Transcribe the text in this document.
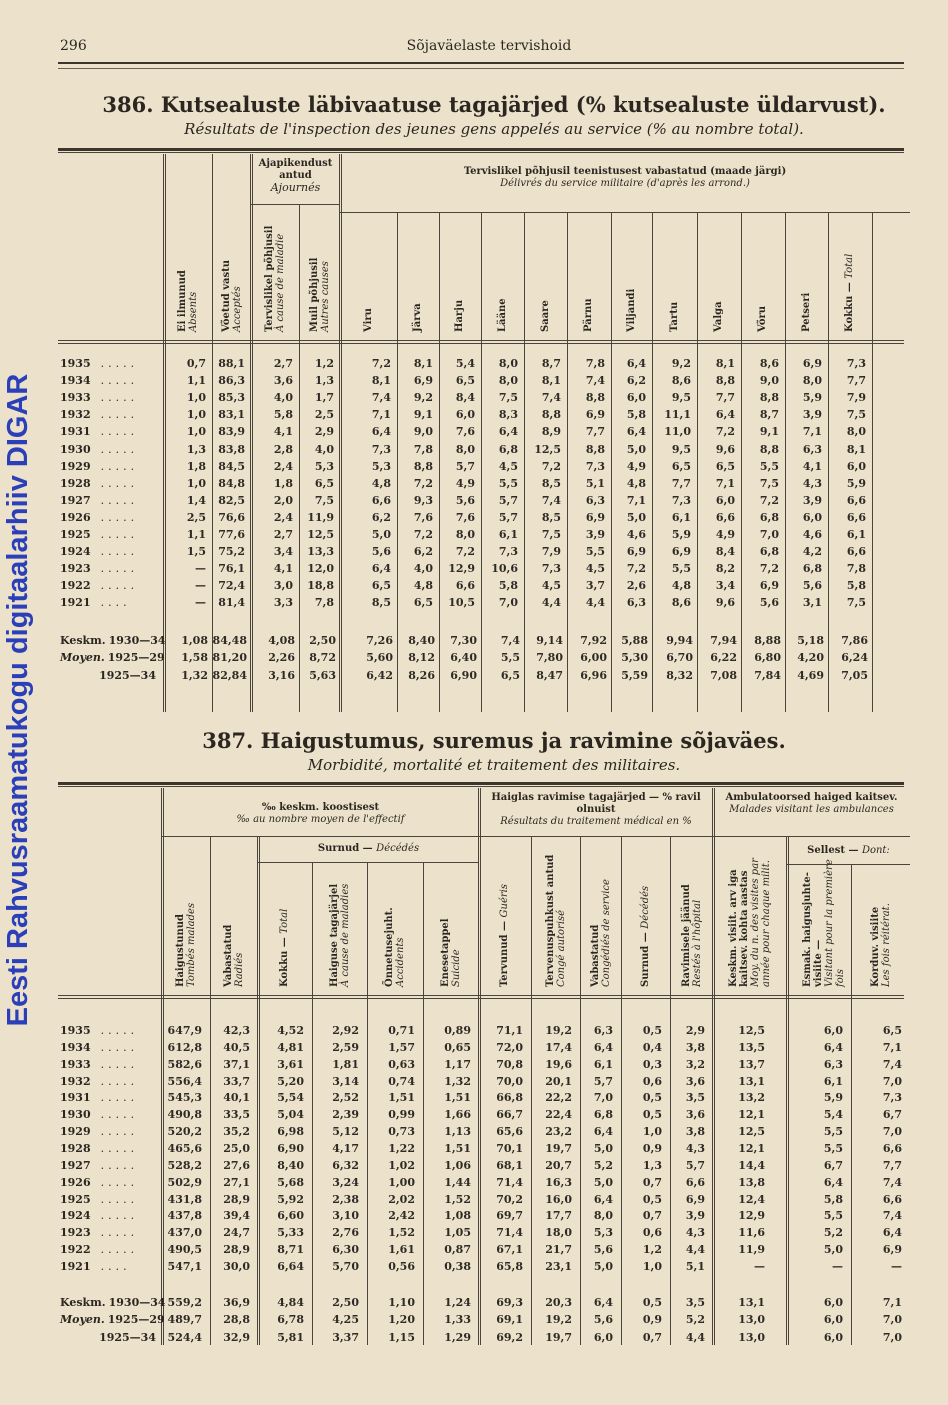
Eesti Rahvusraamatukogu digitaalarhiiv DIGAR
296	Sõjaväelaste tervishoid
386. Kutsealuste läbivaatuse tagajärjed (% kutsealuste üldarvust).
Résultats de l'inspection des jeunes gens appelés au service (% au nombre total).
Ajapikendust antud
Ajournés
Tervislikel põhjusil teenistusest vabastatud (maade järgi)
Délivrés du service militaire (d'après les arrond.)
Ei ilmunud Absents Võetud vastu Acceptés Tervislikel põhjusil À cause de maladie Muil põhjusil Autres causes	Viru	Järva	Harju	Lääne	Saare	Pärnu	Viljandi	Tartu	Valga	Võru	Petseri	Kokku — Total
1935 .....	0,7	88,1	2,7	1,2	7,2	8,1	5,4	8,0	8,7	7,8	6,4	9,2	8,1	8,6	6,9	7,3
1934 .....	1,1	86,3	3,6	1,3	8,1	6,9	6,5	8,0	8,1	7,4	6,2	8,6	8,8	9,0	8,0	7,7
1933 .....	1,0	85,3	4,0	1,7	7,4	9,2	8,4	7,5	7,4	8,8	6,0	9,5	7,7	8,8	5,9	7,9
1932 .....	1,0	83,1	5,8	2,5	7,1	9,1	6,0	8,3	8,8	6,9	5,8	11,1	6,4	8,7	3,9	7,5
1931 .....	1,0	83,9	4,1	2,9	6,4	9,0	7,6	6,4	8,9	7,7	6,4	11,0	7,2	9,1	7,1	8,0
1930 .....	1,3	83,8	2,8	4,0	7,3	7,8	8,0	6,8	12,5	8,8	5,0	9,5	9,6	8,8	6,3	8,1
1929 .....	1,8	84,5	2,4	5,3	5,3	8,8	5,7	4,5	7,2	7,3	4,9	6,5	6,5	5,5	4,1	6,0
1928 .....	1,0	84,8	1,8	6,5	4,8	7,2	4,9	5,5	8,5	5,1	4,8	7,7	7,1	7,5	4,3	5,9
1927 .....	1,4	82,5	2,0	7,5	6,6	9,3	5,6	5,7	7,4	6,3	7,1	7,3	6,0	7,2	3,9	6,6
1926 .....	2,5	76,6	2,4	11,9	6,2	7,6	7,6	5,7	8,5	6,9	5,0	6,1	6,6	6,8	6,0	6,6
1925 .....	1,1	77,6	2,7	12,5	5,0	7,2	8,0	6,1	7,5	3,9	4,6	5,9	4,9	7,0	4,6	6,1
1924 .....	1,5	75,2	3,4	13,3	5,6	6,2	7,2	7,3	7,9	5,5	6,9	6,9	8,4	6,8	4,2	6,6
1923 .....	—	76,1	4,1	12,0	6,4	4,0	12,9	10,6	7,3	4,5	7,2	5,5	8,2	7,2	6,8	7,8
1922 .....	—	72,4	3,0	18,8	6,5	4,8	6,6	5,8	4,5	3,7	2,6	4,8	3,4	6,9	5,6	5,8
1921 ....	—	81,4	3,3	7,8	8,5	6,5	10,5	7,0	4,4	4,4	6,3	8,6	9,6	5,6	3,1	7,5
Keskm. 1930—34	1,08 84,48	4,08	2,50	7,26	8,40	7,30	7,4	9,14	7,92	5,88	9,94	7,94	8,88	5,18	7,86
Moyen. 1925—29	1,58 81,20	2,26	8,72	5,60	8,12	6,40	5,5	7,80	6,00	5,30	6,70	6,22	6,80	4,20	6,24
1925—34	1,32 82,84	3,16	5,63	6,42	8,26	6,90	6,5	8,47	6,96	5,59	8,32	7,08	7,84	4,69	7,05
387. Haigustumus, suremus ja ravimine sõjaväes.
Morbidité, mortalité et traitement des militaires.
‰ keskm. koostisest
‰ au nombre moyen de l'effectif
Surnud — Décédés
Haiglas ravimise tagajärjed — % ravil olnuist
Résultats du traitement médical en %
Ambulatoorsed haiged kaitsev.
Malades visitant les ambulances
Sellest — Dont:
Haigustunud Tombés malades	Vabastatud Radiés	Kokku — Total	Haiguse tagajärjel À cause de maladies	Õnnetusejuht. Accidents	Enesetappel Suicide	Tervunud — Guéris	Tervenuspuhkust antud Congé autorisé Vabastatud Congédiés de service	Surnud — Décédés	Ravimisele jäänud Restés à l'hôpital	Keskm. visiit. arv iga kaitsev. kohta aastas Moy. du n. des visites par année pour chaque milit.	Esmak. haigusjuhte-visiite — Visitant pour la première fois Korduv. visiite Les fois réitérat.
1935 .....	647,9	42,3	4,52	2,92	0,71	0,89	71,1	19,2	6,3	0,5	2,9	12,5	6,0	6,5
1934 .....	612,8	40,5	4,81	2,59	1,57	0,65	72,0	17,4	6,4	0,4	3,8	13,5	6,4	7,1
1933 .....	582,6	37,1	3,61	1,81	0,63	1,17	70,8	19,6	6,1	0,3	3,2	13,7	6,3	7,4
1932 .....	556,4	33,7	5,20	3,14	0,74	1,32	70,0	20,1	5,7	0,6	3,6	13,1	6,1	7,0
1931 .....	545,3	40,1	5,54	2,52	1,51	1,51	66,8	22,2	7,0	0,5	3,5	13,2	5,9	7,3
1930 .....	490,8	33,5	5,04	2,39	0,99	1,66	66,7	22,4	6,8	0,5	3,6	12,1	5,4	6,7
1929 .....	520,2	35,2	6,98	5,12	0,73	1,13	65,6	23,2	6,4	1,0	3,8	12,5	5,5	7,0
1928 .....	465,6	25,0	6,90	4,17	1,22	1,51	70,1	19,7	5,0	0,9	4,3	12,1	5,5	6,6
1927 .....	528,2	27,6	8,40	6,32	1,02	1,06	68,1	20,7	5,2	1,3	5,7	14,4	6,7	7,7
1926 .....	502,9	27,1	5,68	3,24	1,00	1,44	71,4	16,3	5,0	0,7	6,6	13,8	6,4	7,4
1925 .....	431,8	28,9	5,92	2,38	2,02	1,52	70,2	16,0	6,4	0,5	6,9	12,4	5,8	6,6
1924 .....	437,8	39,4	6,60	3,10	2,42	1,08	69,7	17,7	8,0	0,7	3,9	12,9	5,5	7,4
1923 .....	437,0	24,7	5,33	2,76	1,52	1,05	71,4	18,0	5,3	0,6	4,3	11,6	5,2	6,4
1922 .....	490,5	28,9	8,71	6,30	1,61	0,87	67,1	21,7	5,6	1,2	4,4	11,9	5,0	6,9
1921 ....	547,1	30,0	6,64	5,70	0,56	0,38	65,8	23,1	5,0	1,0	5,1	—	—	—
Keskm. 1930—34 559,2	36,9	4,84	2,50	1,10	1,24	69,3	20,3	6,4	0,5	3,5	13,1	6,0	7,1
Moyen. 1925—29 489,7	28,8	6,78	4,25	1,20	1,33	69,1	19,2	5,6	0,9	5,2	13,0	6,0	7,0
1925—34	524,4	32,9	5,81	3,37	1,15	1,29	69,2	19,7	6,0	0,7	4,4	13,0	6,0	7,0
